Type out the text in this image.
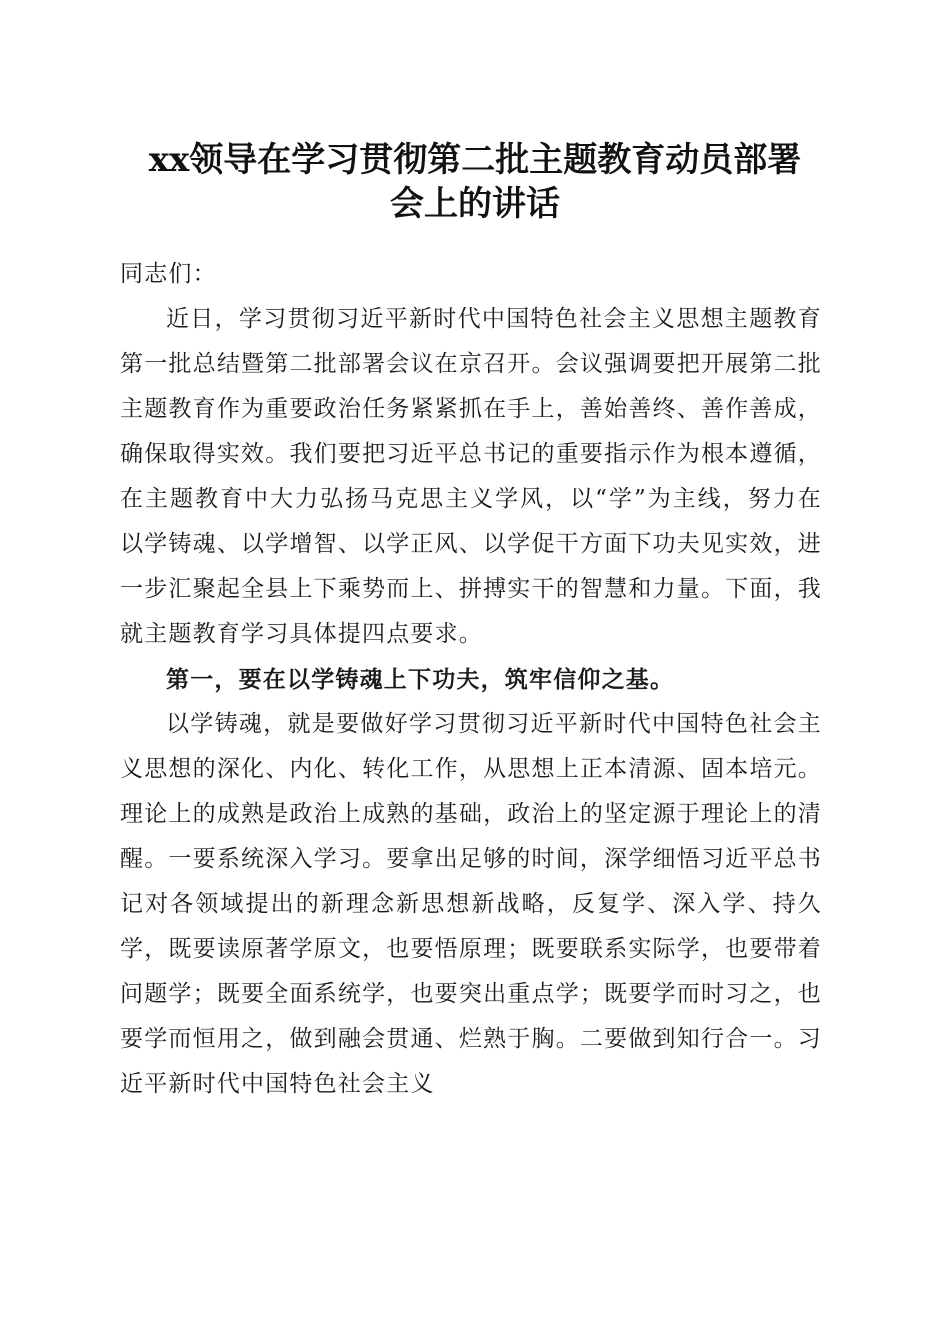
xx领导在学习贯彻第二批主题教育动员部署
会上的讲话

同志们：

近日，学习贯彻习近平新时代中国特色社会主义思想主题教育第一批总结暨第二批部署会议在京召开。会议强调要把开展第二批主题教育作为重要政治任务紧紧抓在手上，善始善终、善作善成，确保取得实效。我们要把习近平总书记的重要指示作为根本遵循，在主题教育中大力弘扬马克思主义学风，以“学”为主线，努力在以学铸魂、以学增智、以学正风、以学促干方面下功夫见实效，进一步汇聚起全县上下乘势而上、拼搏实干的智慧和力量。下面，我就主题教育学习具体提四点要求。

第一，要在以学铸魂上下功夫，筑牢信仰之基。

以学铸魂，就是要做好学习贯彻习近平新时代中国特色社会主义思想的深化、内化、转化工作，从思想上正本清源、固本培元。理论上的成熟是政治上成熟的基础，政治上的坚定源于理论上的清醒。一要系统深入学习。要拿出足够的时间，深学细悟习近平总书记对各领域提出的新理念新思想新战略，反复学、深入学、持久学，既要读原著学原文，也要悟原理；既要联系实际学，也要带着问题学；既要全面系统学，也要突出重点学；既要学而时习之，也要学而恒用之，做到融会贯通、烂熟于胸。二要做到知行合一。习近平新时代中国特色社会主义
